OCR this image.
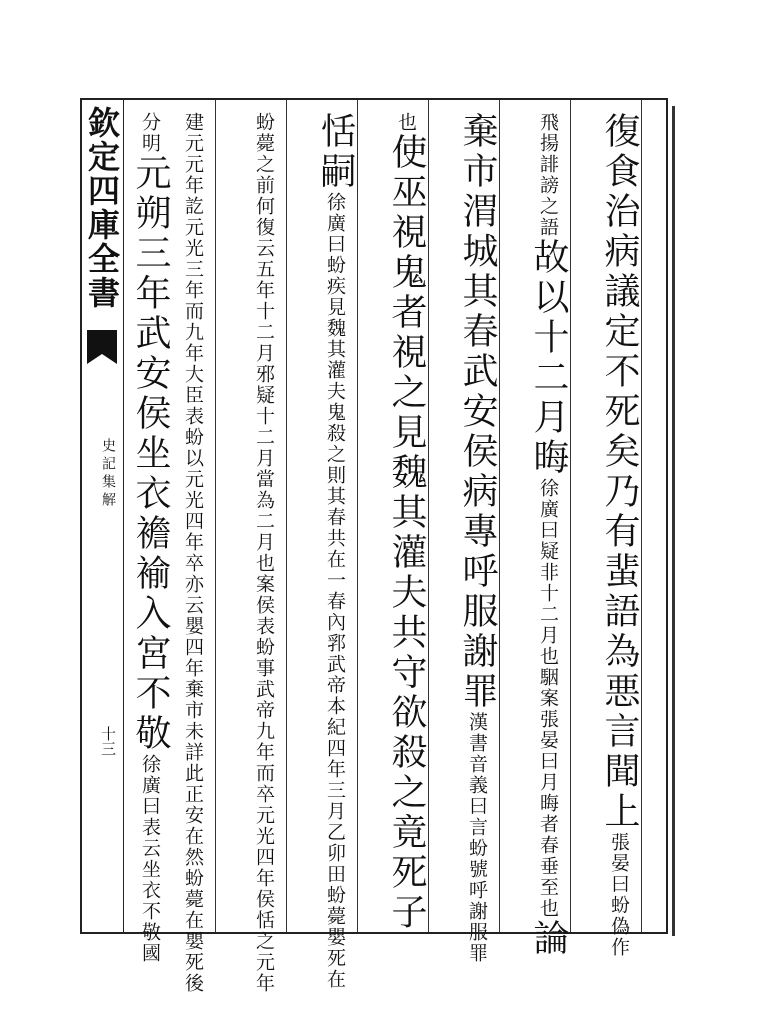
欽定四庫全書
史記集解
十三	復食治病議定不死矣乃有蜚語為悪言聞上張晏曰蚡偽作
飛揚誹謗之語故以十二月晦徐廣曰疑非十二月也駰案張晏曰月晦者春垂至也論
棄市渭城其春武安侯病專呼服謝罪漢書音義曰言蚡號呼謝服罪
也使巫視鬼者視之見魏其灌夫共守欲殺之竟死子
恬嗣徐廣曰蚡疾見魏其灌夫鬼殺之則其春共在一春內郛武帝本紀四年三月乙卯田蚡薨嬰死在
蚡薨之前何復云五年十二月邪疑十二月當為二月也案侯表蚡事武帝九年而卒元光四年侯恬之元年
建元元年訖元光三年而九年大臣表蚡以元光四年卒亦云嬰四年棄市未詳此正安在然蚡薨在嬰死後
分明元朔三年武安侯坐衣襜褕入宮不敬徐廣曰表云坐衣不敬國
